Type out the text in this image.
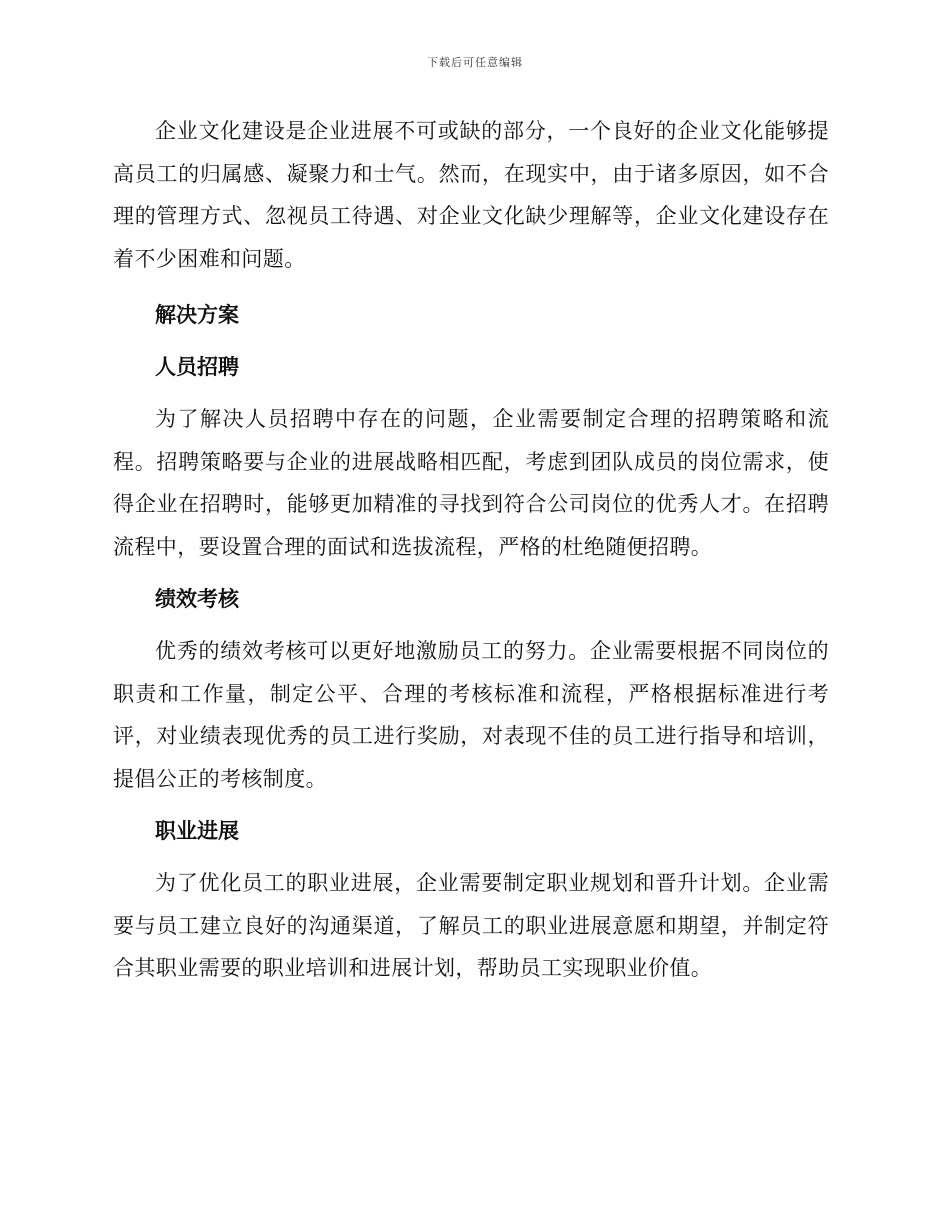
下载后可任意编辑

企业文化建设是企业进展不可或缺的部分，一个良好的企业文化能够提高员工的归属感、凝聚力和士气。然而，在现实中，由于诸多原因，如不合理的管理方式、忽视员工待遇、对企业文化缺少理解等，企业文化建设存在着不少困难和问题。

解决方案

人员招聘

为了解决人员招聘中存在的问题，企业需要制定合理的招聘策略和流程。招聘策略要与企业的进展战略相匹配，考虑到团队成员的岗位需求，使得企业在招聘时，能够更加精准的寻找到符合公司岗位的优秀人才。在招聘流程中，要设置合理的面试和选拔流程，严格的杜绝随便招聘。

绩效考核

优秀的绩效考核可以更好地激励员工的努力。企业需要根据不同岗位的职责和工作量，制定公平、合理的考核标准和流程，严格根据标准进行考评，对业绩表现优秀的员工进行奖励，对表现不佳的员工进行指导和培训，提倡公正的考核制度。

职业进展

为了优化员工的职业进展，企业需要制定职业规划和晋升计划。企业需要与员工建立良好的沟通渠道，了解员工的职业进展意愿和期望，并制定符合其职业需要的职业培训和进展计划，帮助员工实现职业价值。
